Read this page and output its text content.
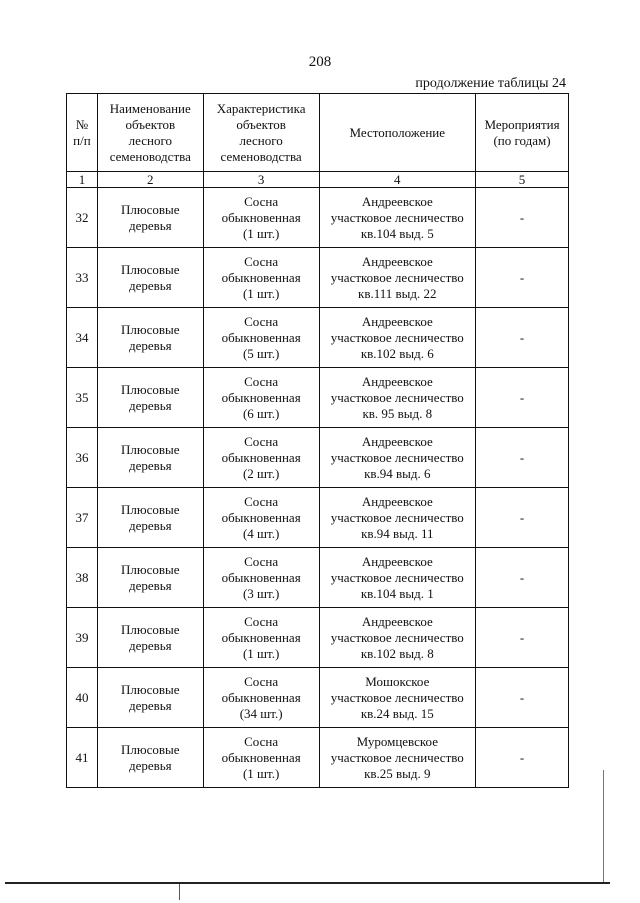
208
продолжение таблицы 24
№
п/п	Наименование
объектов
лесного
семеноводства	Характеристика
объектов
лесного
семеноводства	Местоположение	Мероприятия
(по годам)
1	2	3	4	5
32	Плюсовые
деревья	Сосна
обыкновенная
(1 шт.)	Андреевское
участковое лесничество
кв.104 выд. 5	-
33	Плюсовые
деревья	Сосна
обыкновенная
(1 шт.)	Андреевское
участковое лесничество
кв.111 выд. 22	-
34	Плюсовые
деревья	Сосна
обыкновенная
(5 шт.)	Андреевское
участковое лесничество
кв.102 выд. 6	-
35	Плюсовые
деревья	Сосна
обыкновенная
(6 шт.)	Андреевское
участковое лесничество
кв. 95 выд. 8	-
36	Плюсовые
деревья	Сосна
обыкновенная
(2 шт.)	Андреевское
участковое лесничество
кв.94 выд. 6	-
37	Плюсовые
деревья	Сосна
обыкновенная
(4 шт.)	Андреевское
участковое лесничество
кв.94 выд. 11	-
38	Плюсовые
деревья	Сосна
обыкновенная
(3 шт.)	Андреевское
участковое лесничество
кв.104 выд. 1	-
39	Плюсовые
деревья	Сосна
обыкновенная
(1 шт.)	Андреевское
участковое лесничество
кв.102 выд. 8	-
40	Плюсовые
деревья	Сосна
обыкновенная
(34 шт.)	Мошокское
участковое лесничество
кв.24 выд. 15	-
41	Плюсовые
деревья	Сосна
обыкновенная
(1 шт.)	Муромцевское
участковое лесничество
кв.25 выд. 9	-
